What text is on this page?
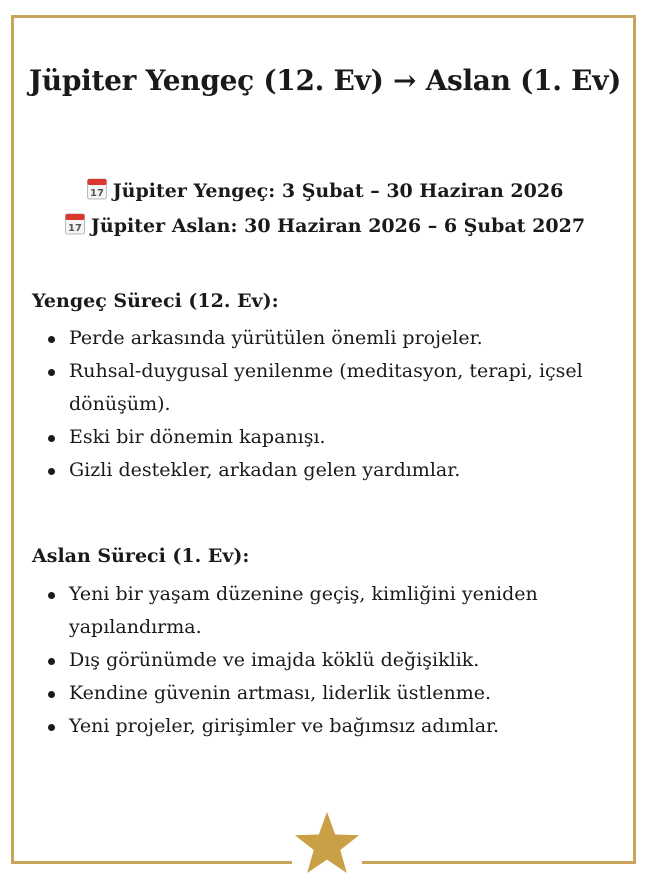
Jüpiter Yengeç (12. Ev) → Aslan (1. Ev)
17 Jüpiter Yengeç: 3 Şubat – 30 Haziran 2026
17 Jüpiter Aslan: 30 Haziran 2026 – 6 Şubat 2027
Yengeç Süreci (12. Ev):
Perde arkasında yürütülen önemli projeler.
Ruhsal-duygusal yenilenme (meditasyon, terapi, içsel dönüşüm).
Eski bir dönemin kapanışı.
Gizli destekler, arkadan gelen yardımlar.
Aslan Süreci (1. Ev):
Yeni bir yaşam düzenine geçiş, kimliğini yeniden yapılandırma.
Dış görünümde ve imajda köklü değişiklik.
Kendine güvenin artması, liderlik üstlenme.
Yeni projeler, girişimler ve bağımsız adımlar.
